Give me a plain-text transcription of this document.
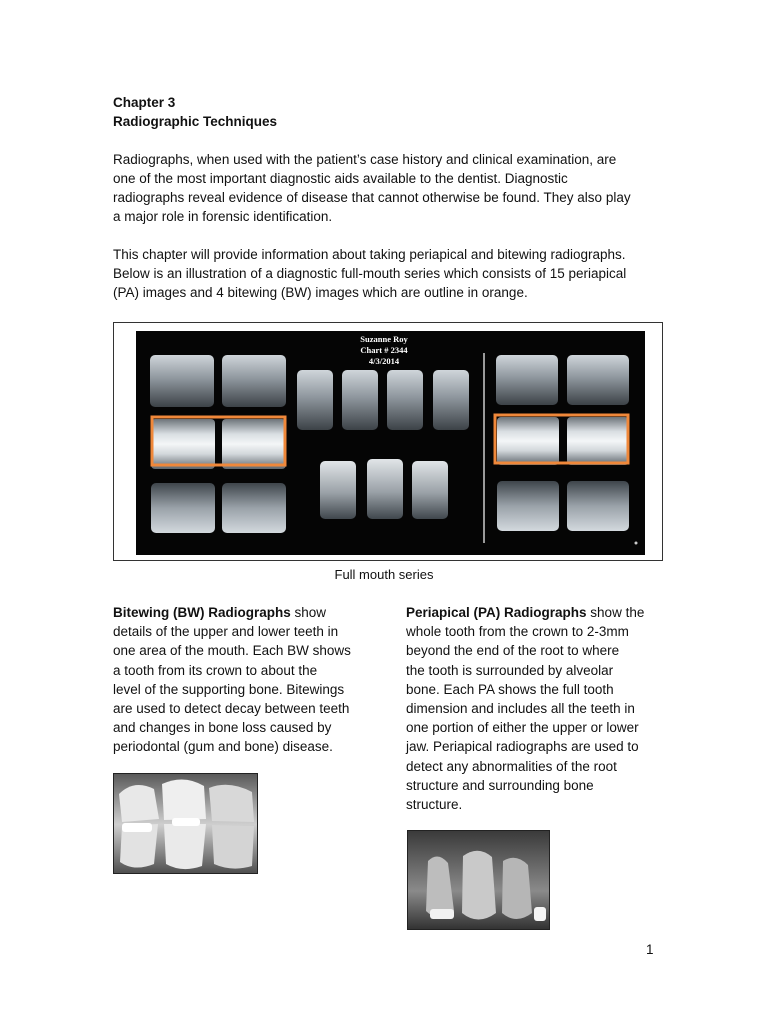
Chapter 3
Radiographic Techniques
Radiographs, when used with the patient’s case history and clinical examination, are
one of the most important diagnostic aids available to the dentist. Diagnostic
radiographs reveal evidence of disease that cannot otherwise be found. They also play
a major role in forensic identification.
This chapter will provide information about taking periapical and bitewing radiographs.
Below is an illustration of a diagnostic full-mouth series which consists of 15 periapical
(PA) images and 4 bitewing (BW) images which are outline in orange.
Suzanne Roy
Chart # 2344
4/3/2014
Full mouth series
Bitewing (BW) Radiographs show
details of the upper and lower teeth in
one area of the mouth. Each BW shows
a tooth from its crown to about the
level of the supporting bone. Bitewings
are used to detect decay between teeth
and changes in bone loss caused by
periodontal (gum and bone) disease.
Periapical (PA) Radiographs show the
whole tooth from the crown to 2-3mm
beyond the end of the root to where
the tooth is surrounded by alveolar
bone. Each PA shows the full tooth
dimension and includes all the teeth in
one portion of either the upper or lower
jaw. Periapical radiographs are used to
detect any abnormalities of the root
structure and surrounding bone
structure.
1
